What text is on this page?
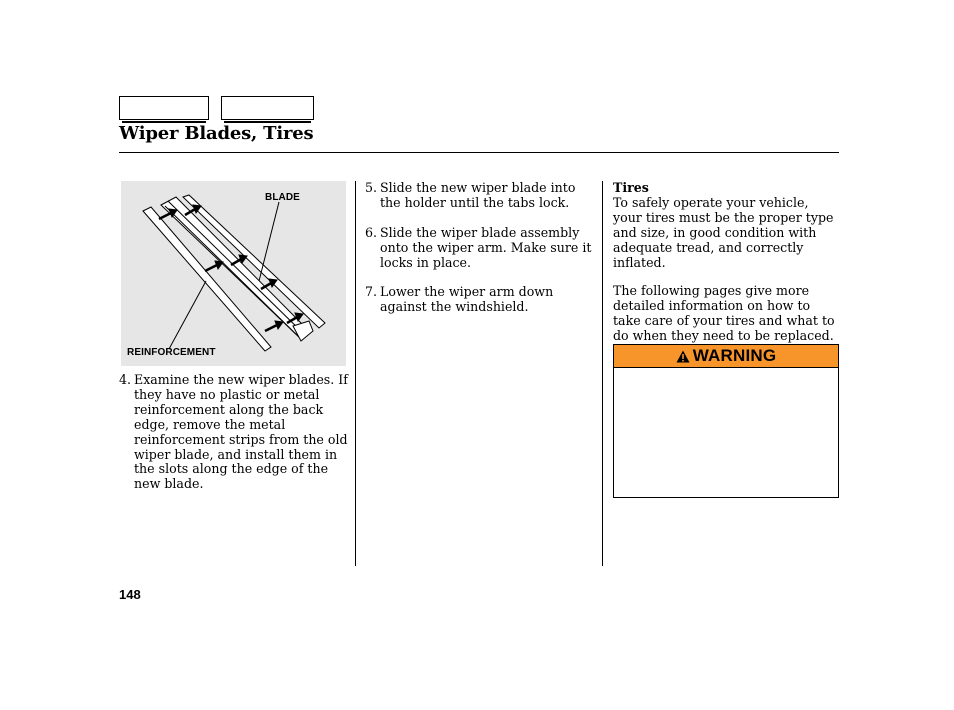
Wiper Blades, Tires
BLADE
REINFORCEMENT
4. Examine the new wiper blades. If they have no plastic or metal reinforcement along the back edge, remove the metal reinforcement strips from the old wiper blade, and install them in the slots along the edge of the new blade.
5. Slide the new wiper blade into the holder until the tabs lock.
6. Slide the wiper blade assembly onto the wiper arm. Make sure it locks in place.
7. Lower the wiper arm down against the windshield.
Tires
To safely operate your vehicle, your tires must be the proper type and size, in good condition with adequate tread, and correctly inflated.
The following pages give more detailed information on how to take care of your tires and what to do when they need to be replaced.
WARNING
148
